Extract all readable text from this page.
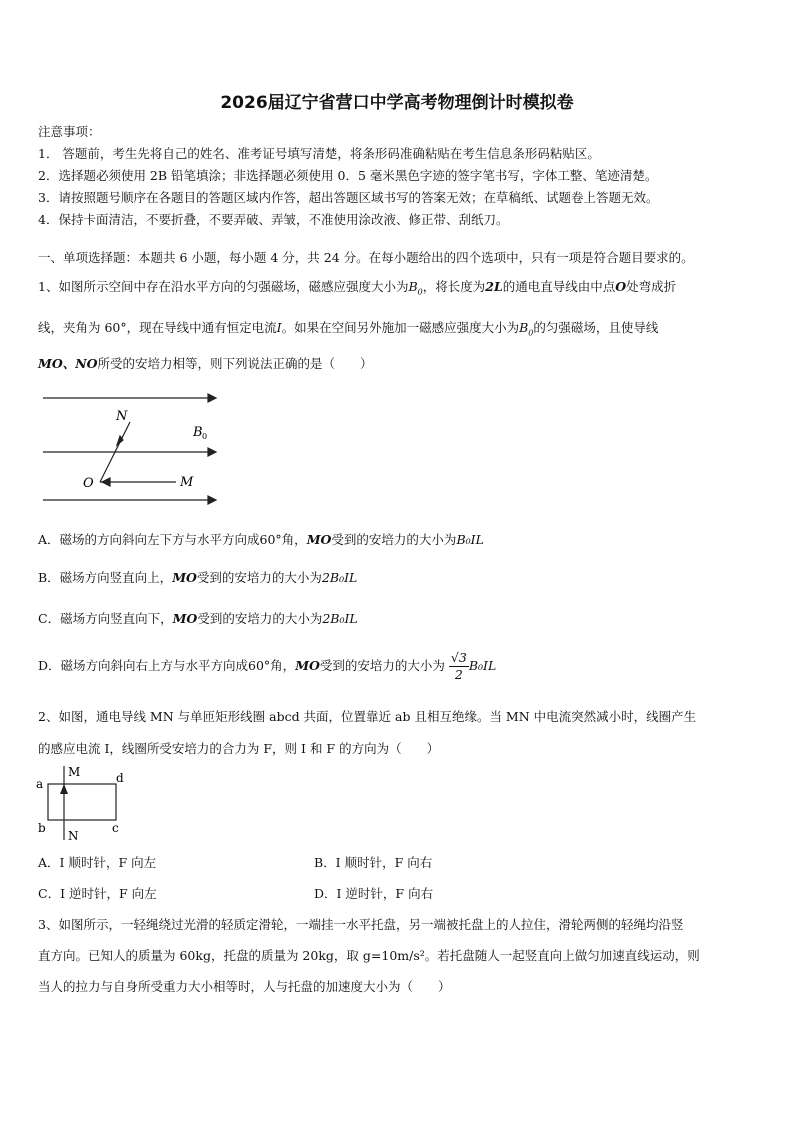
2026届辽宁省营口中学高考物理倒计时模拟卷
注意事项：
1． 答题前，考生先将自己的姓名、准考证号填写清楚，将条形码准确粘贴在考生信息条形码粘贴区。
2．选择题必须使用 2B 铅笔填涂；非选择题必须使用 0．5 毫米黑色字迹的签字笔书写，字体工整、笔迹清楚。
3．请按照题号顺序在各题目的答题区域内作答，超出答题区域书写的答案无效；在草稿纸、试题卷上答题无效。
4．保持卡面清洁，不要折叠，不要弄破、弄皱，不准使用涂改液、修正带、刮纸刀。
一、单项选择题：本题共 6 小题，每小题 4 分，共 24 分。在每小题给出的四个选项中，只有一项是符合题目要求的。
1、如图所示空间中存在沿水平方向的匀强磁场，磁感应强度大小为$B_0$，将长度为2L的通电直导线由中点O处弯成折
线，夹角为 60°，现在导线中通有恒定电流I。如果在空间另外施加一磁感应强度大小为$B_0$的匀强磁场，且使导线
MO、NO所受的安培力相等，则下列说法正确的是（　　）
N
O	M
B 0
A．磁场的方向斜向左下方与水平方向成60°角，MO受到的安培力的大小为B₀IL
B．磁场方向竖直向上，MO受到的安培力的大小为2B₀IL
C．磁场方向竖直向下，MO受到的安培力的大小为2B₀IL
D．磁场方向斜向右上方与水平方向成60°角，MO受到的安培力的大小为 $\frac{√3}{2} B_0IL$
2、如图，通电导线 MN 与单匝矩形线圈 abcd 共面，位置靠近 ab 且相互绝缘。当 MN 中电流突然减小时，线圈产生
的感应电流 I，线圈所受安培力的合力为 F，则 I 和 F 的方向为（　　）
a
b	c
d
M
N
A．I 顺时针，F 向左	B．I 顺时针，F 向右
C．I 逆时针，F 向左	D．I 逆时针，F 向右
3、如图所示，一轻绳绕过光滑的轻质定滑轮，一端挂一水平托盘，另一端被托盘上的人拉住，滑轮两侧的轻绳均沿竖
直方向。已知人的质量为 60kg，托盘的质量为 20kg，取 g=10m/s²。若托盘随人一起竖直向上做匀加速直线运动，则
当人的拉力与自身所受重力大小相等时，人与托盘的加速度大小为（　　）
